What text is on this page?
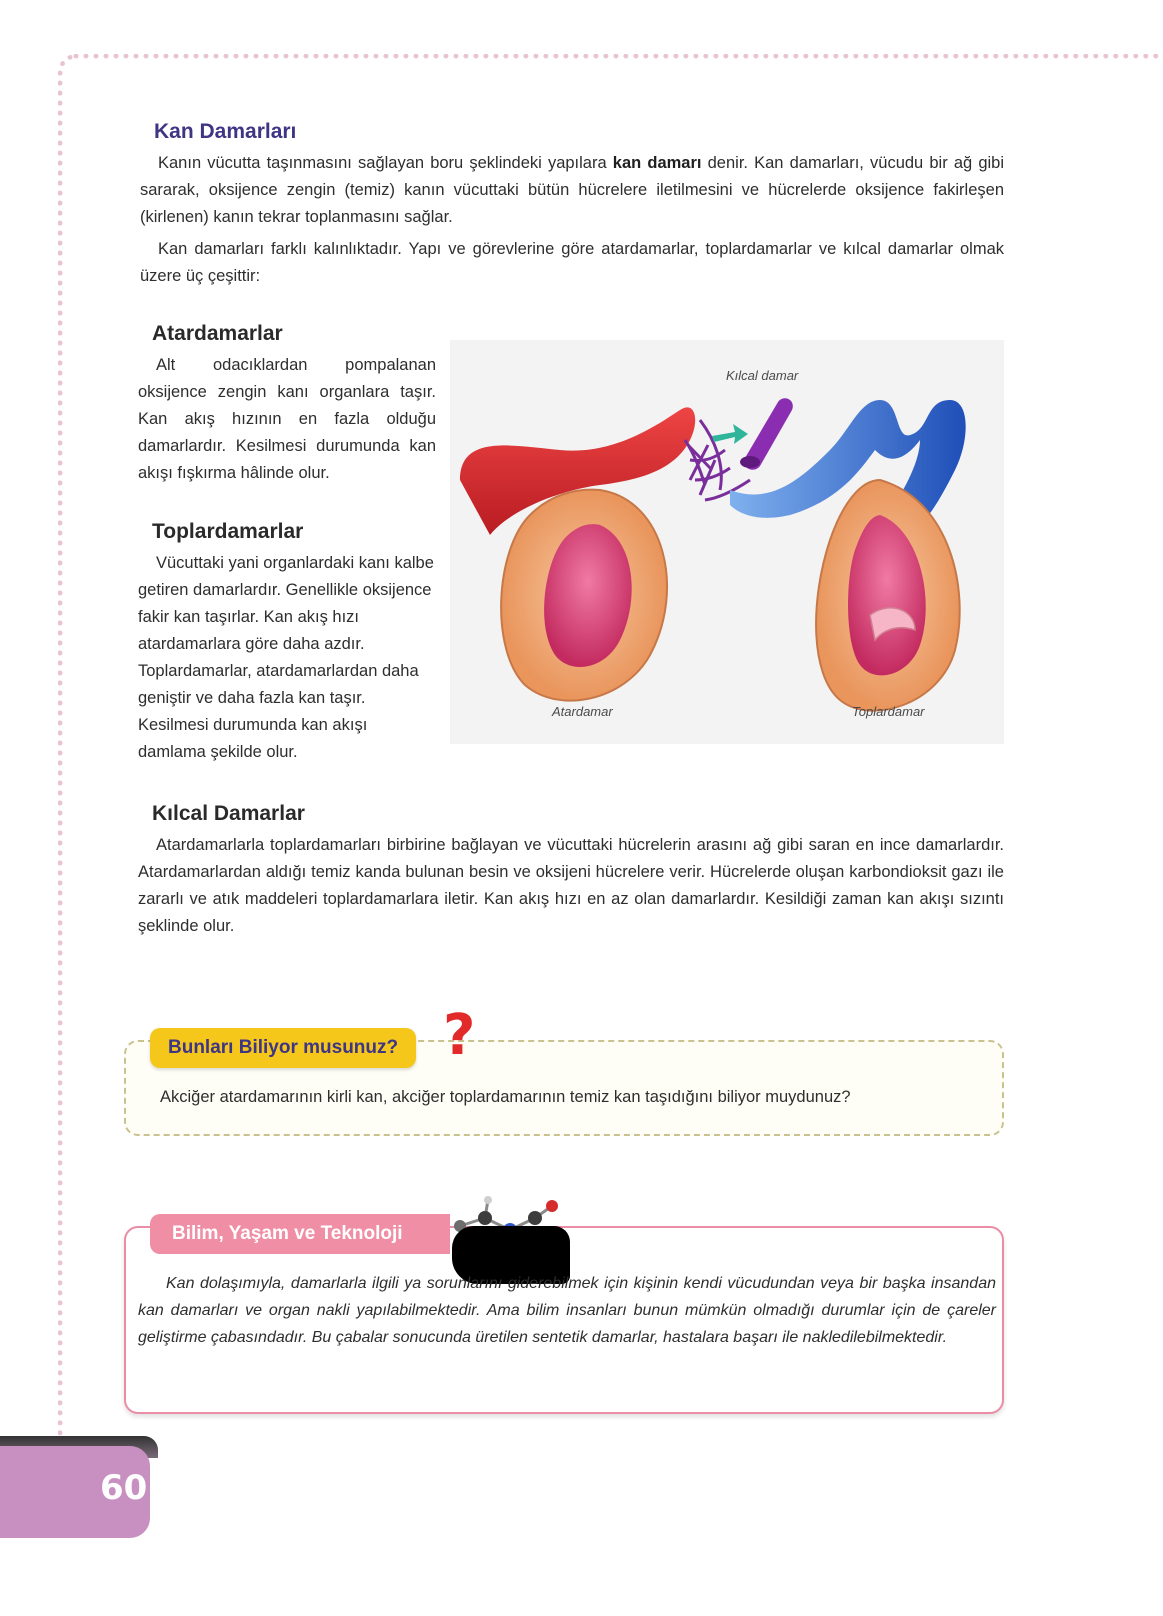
Kan Damarları

Kanın vücutta taşınmasını sağlayan boru şeklindeki yapılara kan damarı denir. Kan damarları, vücudu bir ağ gibi sararak, oksijence zengin (temiz) kanın vücuttaki bütün hücrelere iletilmesini ve hücrelerde oksijence fakirleşen (kirlenen) kanın tekrar toplanmasını sağlar.

Kan damarları farklı kalınlıktadır. Yapı ve görevlerine göre atardamarlar, toplardamarlar ve kılcal damarlar olmak üzere üç çeşittir:

Atardamarlar

Alt odacıklardan pompalanan oksijence zengin kanı organlara taşır. Kan akış hızının en fazla olduğu damarlardır. Kesilmesi durumunda kan akışı fışkırma hâlinde olur.

Toplardamarlar

Vücuttaki yani organlardaki kanı kalbe getiren damarlardır. Genellikle oksijence fakir kan taşırlar. Kan akış hızı atardamarlara göre daha azdır. Toplardamarlar, atardamarlardan daha geniştir ve daha fazla kan taşır. Kesilmesi durumunda kan akışı damlama şekilde olur.

Kılcal damar
Atardamar	Toplardamar
Kılcal Damarlar

Atardamarlarla toplardamarları birbirine bağlayan ve vücuttaki hücrelerin arasını ağ gibi saran en ince damarlardır. Atardamarlardan aldığı temiz kanda bulunan besin ve oksijeni hücrelere verir. Hücrelerde oluşan karbondioksit gazı ile zararlı ve atık maddeleri toplardamarlara iletir. Kan akış hızı en az olan damarlardır. Kesildiği zaman kan akışı sızıntı şeklinde olur.

Bunları Biliyor musunuz? ?

Akciğer atardamarının kirli kan, akciğer toplardamarının temiz kan taşıdığını biliyor muydunuz?

Bilim, Yaşam ve Teknoloji

Kan dolaşımıyla, damarlarla ilgili ya sorunlarını giderebilmek için kişinin kendi vücudundan veya bir başka insandan kan damarları ve organ nakli yapılabilmektedir. Ama bilim insanları bunun mümkün olmadığı durumlar için de çareler geliştirme çabasındadır. Bu çabalar sonucunda üretilen sentetik damarlar, hastalara başarı ile nakledilebilmektedir.

60
